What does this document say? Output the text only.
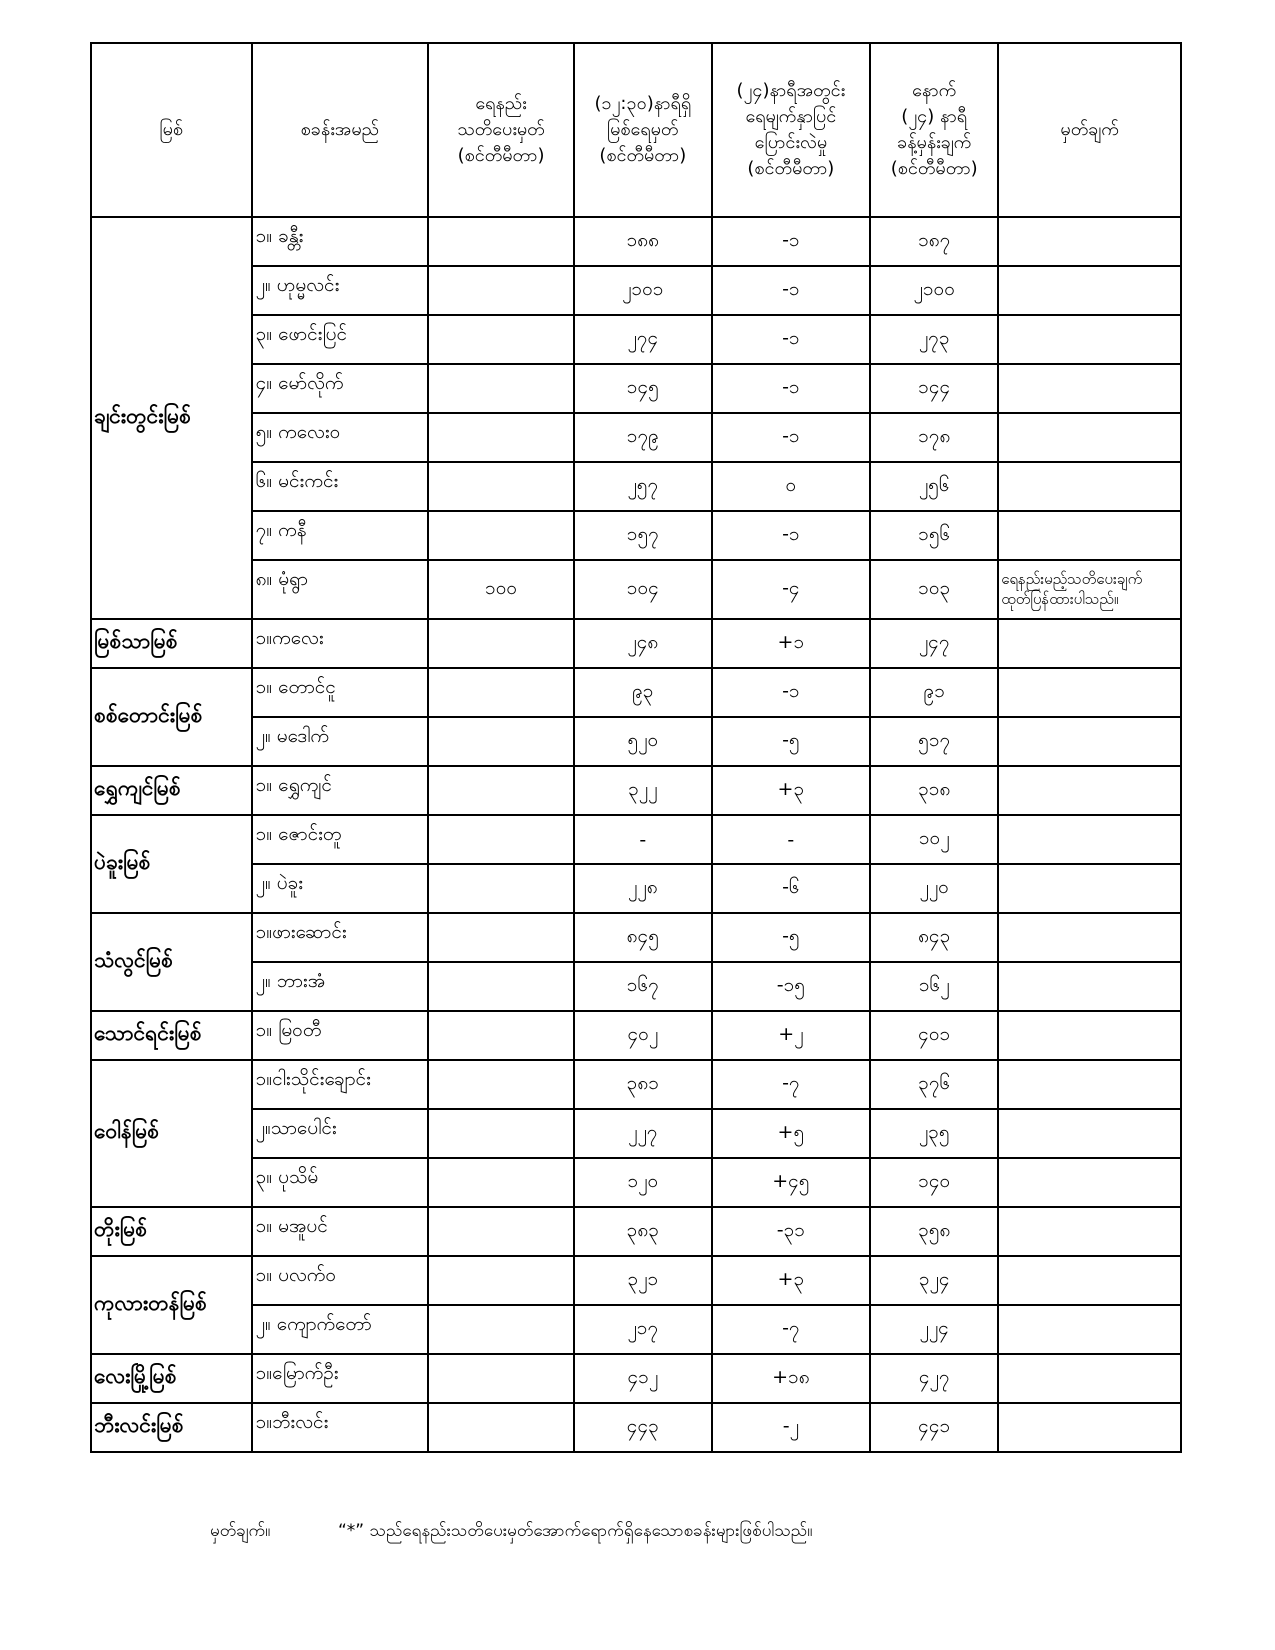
မြစ်	စခန်းအမည်	ရေနည်း
သတိပေးမှတ်
(စင်တီမီတာ)	(၁၂:၃၀)နာရီရှိ
မြစ်ရေမှတ်
(စင်တီမီတာ)	(၂၄)နာရီအတွင်း
ရေမျက်နှာပြင်
ပြောင်းလဲမှု
(စင်တီမီတာ)	နောက်
(၂၄) နာရီ
ခန့်မှန်းချက်
(စင်တီမီတာ)	မှတ်ချက်

ချင်းတွင်းမြစ်	၁။ ခန္တီး		၁၈၈	-၁	၁၈၇	
	၂။ ဟုမ္မလင်း		၂၁၀၁	-၁	၂၁၀၀	
	၃။ ဖောင်းပြင်		၂၇၄	-၁	၂၇၃	
	၄။ မော်လိုက်		၁၄၅	-၁	၁၄၄	
	၅။ ကလေးဝ		၁၇၉	-၁	၁၇၈	
	၆။ မင်းကင်း		၂၅၇	၀	၂၅၆	
	၇။ ကနီ		၁၅၇	-၁	၁၅၆	
	၈။ မုံရွာ	၁၀၀	၁၀၄	-၄	၁၀၃	ရေနည်းမည့်သတိပေးချက်
ထုတ်ပြန်ထားပါသည်။

မြစ်သာမြစ်	၁။ကလေး		၂၄၈	+၁	၂၄၇	
စစ်တောင်းမြစ်	၁။ တောင်ငူ		၉၃	-၁	၉၁	
	၂။ မဒေါက်		၅၂၀	-၅	၅၁၇	
ရွှေကျင်မြစ်	၁။ ရွှေကျင်		၃၂၂	+၃	၃၁၈	
ပဲခူးမြစ်	၁။ ဇောင်းတူ		-	-	၁၀၂	
	၂။ ပဲခူး		၂၂၈	-၆	၂၂၀	
သံလွင်မြစ်	၁။ဖားဆောင်း		၈၄၅	-၅	၈၄၃	
	၂။ ဘားအံ		၁၆၇	-၁၅	၁၆၂	
သောင်ရင်းမြစ်	၁။ မြဝတီ		၄၀၂	+၂	၄၀၁	
ဝေါန်မြစ်	၁။ငါးသိုင်းချောင်း		၃၈၁	-၇	၃၇၆	
	၂။သာပေါင်း		၂၂၇	+၅	၂၃၅	
	၃။ ပုသိမ်		၁၂၀	+၄၅	၁၄၀	
တိုးမြစ်	၁။ မအူပင်		၃၈၃	-၃၁	၃၅၈	
ကုလားတန်မြစ်	၁။ ပလက်ဝ		၃၂၁	+၃	၃၂၄	
	၂။ ကျောက်တော်		၂၁၇	-၇	၂၂၄	
လေးမြို့မြစ်	၁။မြောက်ဦး		၄၁၂	+၁၈	၄၂၇	
ဘီးလင်းမြစ်	၁။ဘီးလင်း		၄၄၃	-၂	၄၄၁	
မှတ်ချက်။	“*” သည်ရေနည်းသတိပေးမှတ်အောက်ရောက်ရှိနေသောစခန်းများဖြစ်ပါသည်။
